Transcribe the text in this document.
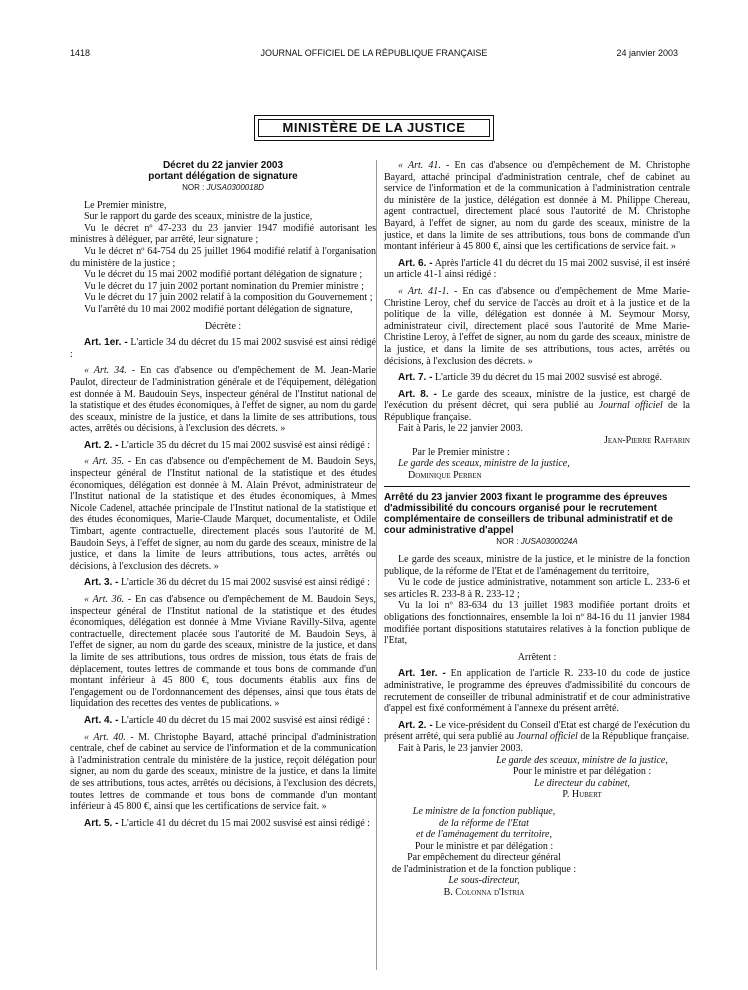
1418	JOURNAL OFFICIEL DE LA RÉPUBLIQUE FRANÇAISE	24 janvier 2003
MINISTÈRE DE LA JUSTICE

Décret du 22 janvier 2003

portant délégation de signature

NOR : JUSA0300018D

Le Premier ministre,

Sur le rapport du garde des sceaux, ministre de la justice,

Vu le décret nº 47-233 du 23 janvier 1947 modifié autorisant les ministres à déléguer, par arrêté, leur signature ;

Vu le décret nº 64-754 du 25 juillet 1964 modifié relatif à l'organisation du ministère de la justice ;

Vu le décret du 15 mai 2002 modifié portant délégation de signature ;

Vu le décret du 17 juin 2002 portant nomination du Premier ministre ;

Vu le décret du 17 juin 2002 relatif à la composition du Gouvernement ;

Vu l'arrêté du 10 mai 2002 modifié portant délégation de signature,

Décrète :

Art. 1er. - L'article 34 du décret du 15 mai 2002 susvisé est ainsi rédigé :

« Art. 34. - En cas d'absence ou d'empêchement de M. Jean-Marie Paulot, directeur de l'administration générale et de l'équipement, délégation est donnée à M. Baudouin Seys, inspecteur général de l'Institut national de la statistique et des études économiques, à l'effet de signer, au nom du garde des sceaux, ministre de la justice, et dans la limite de ses attributions, tous actes, arrêtés ou décisions, à l'exclusion des décrets. »

Art. 2. - L'article 35 du décret du 15 mai 2002 susvisé est ainsi rédigé :

« Art. 35. - En cas d'absence ou d'empêchement de M. Baudoin Seys, inspecteur général de l'Institut national de la statistique et des études économiques, délégation est donnée à M. Alain Prévot, administrateur de l'Institut national de la statistique et des études économiques, à Mmes Nicole Cadenel, attachée principale de l'Institut national de la statistique et des études économiques, Marie-Claude Marquet, documentaliste, et Odile Timbart, agente contractuelle, directement placés sous l'autorité de M. Baudoin Seys, à l'effet de signer, au nom du garde des sceaux, ministre de la justice, et dans la limite de leurs attributions, tous actes, arrêtés ou décisions, à l'exclusion des décrets. »

Art. 3. - L'article 36 du décret du 15 mai 2002 susvisé est ainsi rédigé :

« Art. 36. - En cas d'absence ou d'empêchement de M. Baudoin Seys, inspecteur général de l'Institut national de la statistique et des études économiques, délégation est donnée à Mme Viviane Ravilly-Silva, agente contractuelle, directement placée sous l'autorité de M. Baudoin Seys, à l'effet de signer, au nom du garde des sceaux, ministre de la justice, et dans la limite de ses attributions, tous ordres de mission, tous états de frais de déplacement, toutes lettres de commande et tous bons de commande d'un montant inférieur à 45 800 €, tous documents établis aux fins de l'engagement ou de l'ordonnancement des dépenses, ainsi que tous états de liquidation des recettes des ventes de publications. »

Art. 4. - L'article 40 du décret du 15 mai 2002 susvisé est ainsi rédigé :

« Art. 40. - M. Christophe Bayard, attaché principal d'administration centrale, chef de cabinet au service de l'information et de la communication à l'administration centrale du ministère de la justice, reçoit délégation pour signer, au nom du garde des sceaux, ministre de la justice, et dans la limite de ses attributions, tous actes, arrêtés ou décisions, à l'exclusion des décrets, toutes lettres de commande et tous bons de commande d'un montant inférieur à 45 800 €, ainsi que les certifications de service fait. »

Art. 5. - L'article 41 du décret du 15 mai 2002 susvisé est ainsi rédigé :

« Art. 41. - En cas d'absence ou d'empêchement de M. Christophe Bayard, attaché principal d'administration centrale, chef de cabinet au service de l'information et de la communication à l'administration centrale du ministère de la justice, délégation est donnée à M. Philippe Chereau, agent contractuel, directement placé sous l'autorité de M. Christophe Bayard, à l'effet de signer, au nom du garde des sceaux, ministre de la justice, et dans la limite de ses attributions, tous bons de commande d'un montant inférieur à 45 800 €, ainsi que les certifications de service fait. »

Art. 6. - Après l'article 41 du décret du 15 mai 2002 susvisé, il est inséré un article 41-1 ainsi rédigé :

« Art. 41-1. - En cas d'absence ou d'empêchement de Mme Marie-Christine Leroy, chef du service de l'accès au droit et à la justice et de la politique de la ville, délégation est donnée à M. Seymour Morsy, administrateur civil, directement placé sous l'autorité de Mme Marie-Christine Leroy, à l'effet de signer, au nom du garde des sceaux, ministre de la justice, et dans la limite de ses attributions, tous actes, arrêtés ou décisions, à l'exclusion des décrets. »

Art. 7. - L'article 39 du décret du 15 mai 2002 susvisé est abrogé.

Art. 8. - Le garde des sceaux, ministre de la justice, est chargé de l'exécution du présent décret, qui sera publié au Journal officiel de la République française.

Fait à Paris, le 22 janvier 2003.

Jean-Pierre Raffarin

Par le Premier ministre :

Le garde des sceaux, ministre de la justice,

Dominique Perben

Arrêté du 23 janvier 2003 fixant le programme des épreuves d'admissibilité du concours organisé pour le recrutement complémentaire de conseillers de tribunal administratif et de cour administrative d'appel

NOR : JUSA0300024A

Le garde des sceaux, ministre de la justice, et le ministre de la fonction publique, de la réforme de l'Etat et de l'aménagement du territoire,

Vu le code de justice administrative, notamment son article L. 233-6 et ses articles R. 233-8 à R. 233-12 ;

Vu la loi nº 83-634 du 13 juillet 1983 modifiée portant droits et obligations des fonctionnaires, ensemble la loi nº 84-16 du 11 janvier 1984 modifiée portant dispositions statutaires relatives à la fonction publique de l'Etat,

Arrêtent :

Art. 1er. - En application de l'article R. 233-10 du code de justice administrative, le programme des épreuves d'admissibilité du concours de recrutement de conseiller de tribunal administratif et de cour administrative d'appel est fixé conformément à l'annexe du présent arrêté.

Art. 2. - Le vice-président du Conseil d'Etat est chargé de l'exécution du présent arrêté, qui sera publié au Journal officiel de la République française.

Fait à Paris, le 23 janvier 2003.

Le garde des sceaux, ministre de la justice,
Pour le ministre et par délégation :
Le directeur du cabinet,
P. Hubert
Le ministre de la fonction publique,
de la réforme de l'Etat
et de l'aménagement du territoire,
Pour le ministre et par délégation :
Par empêchement du directeur général
de l'administration et de la fonction publique :
Le sous-directeur,
B. Colonna d'Istria
